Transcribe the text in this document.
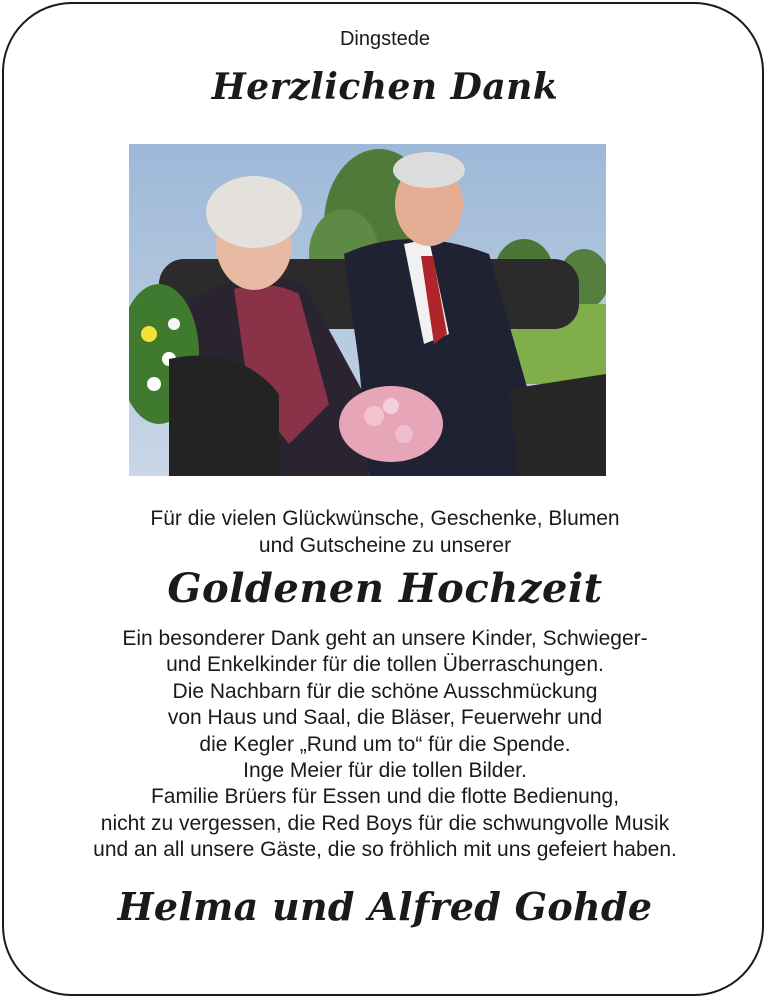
Dingstede
Herzlichen Dank
Für die vielen Glückwünsche, Geschenke, Blumen
und Gutscheine zu unserer
Goldenen Hochzeit
Ein besonderer Dank geht an unsere Kinder, Schwieger-
und Enkelkinder für die tollen Überraschungen.
Die Nachbarn für die schöne Ausschmückung
von Haus und Saal, die Bläser, Feuerwehr und
die Kegler „Rund um to“ für die Spende.
Inge Meier für die tollen Bilder.
Familie Brüers für Essen und die flotte Bedienung,
nicht zu vergessen, die Red Boys für die schwungvolle Musik
und an all unsere Gäste, die so fröhlich mit uns gefeiert haben.
Helma und Alfred Gohde
